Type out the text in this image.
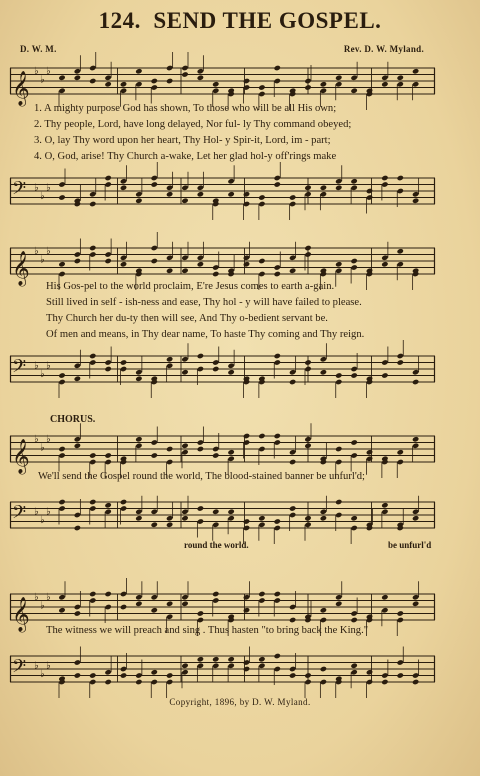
124. SEND THE GOSPEL.
D. W. M.	Rev. D. W. Myland.
𝄞 ♭
♭
♭
1. A mighty purpose God has shown, To those who will be all His own;
2. Thy people, Lord, have long delayed, Nor ful- ly Thy command obeyed;
3. O, lay Thy word upon her heart, Thy Hol- y Spir-it, Lord, im - part;
4. O, God, arise! Thy Church a-wake, Let her glad hol-y off'rings make
𝄢 ♭
♭
♭
𝄞 ♭
♭
♭
His Gos-pel to the world proclaim, E're Jesus comes to earth a-gain.
Still lived in self - ish-ness and ease, Thy hol - y will have failed to please.
Thy Church her du-ty then will see, And Thy o-bedient servant be.
Of men and means, in Thy dear name, To haste Thy coming and Thy reign.
𝄢 ♭
♭
♭
CHORUS.
𝄞 ♭
♭
♭
We'll send the Gospel round the world, The blood-stained banner be unfurl'd;
𝄢 ♭
♭
♭
round the world.	be unfurl'd
𝄞 ♭
♭
♭
The witness we will preach and sing . Thus hasten "to bring back the King."
𝄢 ♭
♭
♭
Copyright, 1896, by D. W. Myland.
